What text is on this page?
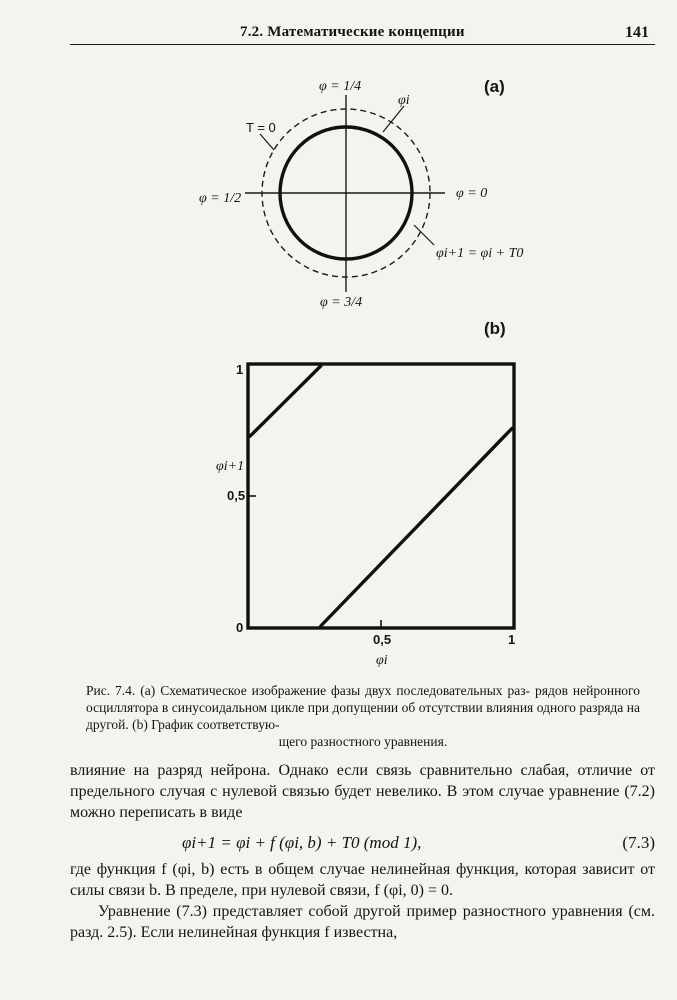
7.2. Математические концепции	141
(a)
φ = 1/4
φi
T = 0
φ = 1/2	φ = 0
φi+1 = φi + T0
φ = 3/4
(b)
1
0,5
0
0,5	1
φi+1
φi
Рис. 7.4. (а) Схематическое изображение фазы двух последовательных раз- рядов нейронного осциллятора в синусоидальном цикле при допущении об отсутствии влияния одного разряда на другой. (b) График соответствую-
щего разностного уравнения.

влияние на разряд нейрона. Однако если связь сравнительно слабая, отличие от предельного случая с нулевой связью будет невелико. В этом случае уравнение (7.2) можно переписать в виде

φi+1 = φi + f (φi, b) + T0 (mod 1),	(7.3)

где функция f (φi, b) есть в общем случае нелинейная функция, которая зависит от силы связи b. В пределе, при нулевой связи, f (φi, 0) = 0.

Уравнение (7.3) представляет собой другой пример разностного уравнения (см. разд. 2.5). Если нелинейная функция f известна,
